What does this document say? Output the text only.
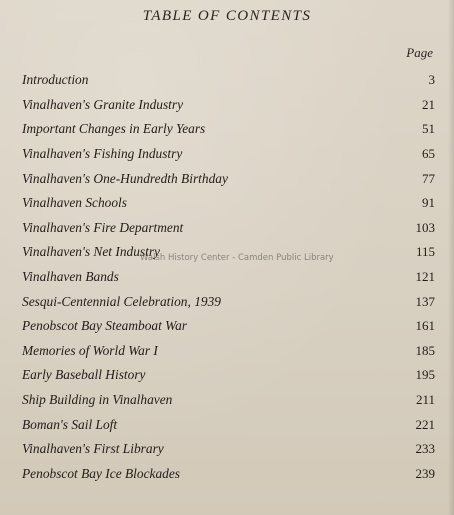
TABLE OF CONTENTS
Page
Introduction	3
Vinalhaven's Granite Industry	21
Important Changes in Early Years	51
Vinalhaven's Fishing Industry	65
Vinalhaven's One-Hundredth Birthday	77
Vinalhaven Schools	91
Vinalhaven's Fire Department	103
Vinalhaven's Net Industry	115
Vinalhaven Bands	121
Sesqui-Centennial Celebration, 1939	137
Penobscot Bay Steamboat War	161
Memories of World War I	185
Early Baseball History	195
Ship Building in Vinalhaven	211
Boman's Sail Loft	221
Vinalhaven's First Library	233
Penobscot Bay Ice Blockades	239
Walsh History Center - Camden Public Library
